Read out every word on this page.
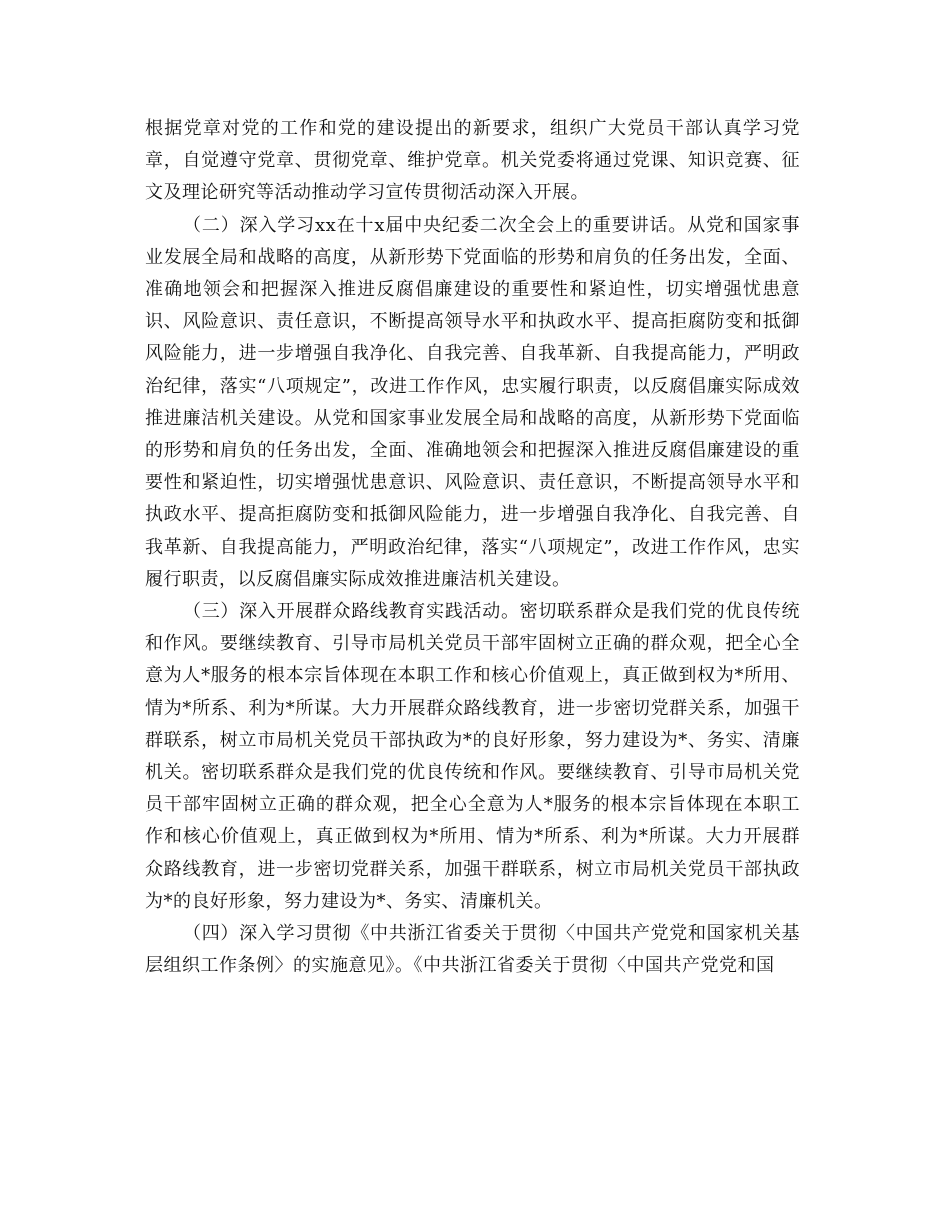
根据党章对党的工作和党的建设提出的新要求，组织广大党员干部认真学习党章，自觉遵守党章、贯彻党章、维护党章。机关党委将通过党课、知识竞赛、征文及理论研究等活动推动学习宣传贯彻活动深入开展。

（二）深入学习xx在十x届中央纪委二次全会上的重要讲话。从党和国家事业发展全局和战略的高度，从新形势下党面临的形势和肩负的任务出发，全面、准确地领会和把握深入推进反腐倡廉建设的重要性和紧迫性，切实增强忧患意识、风险意识、责任意识，不断提高领导水平和执政水平、提高拒腐防变和抵御风险能力，进一步增强自我净化、自我完善、自我革新、自我提高能力，严明政治纪律，落实“八项规定”，改进工作作风，忠实履行职责，以反腐倡廉实际成效推进廉洁机关建设。从党和国家事业发展全局和战略的高度，从新形势下党面临的形势和肩负的任务出发，全面、准确地领会和把握深入推进反腐倡廉建设的重要性和紧迫性，切实增强忧患意识、风险意识、责任意识，不断提高领导水平和执政水平、提高拒腐防变和抵御风险能力，进一步增强自我净化、自我完善、自我革新、自我提高能力，严明政治纪律，落实“八项规定”，改进工作作风，忠实履行职责，以反腐倡廉实际成效推进廉洁机关建设。

（三）深入开展群众路线教育实践活动。密切联系群众是我们党的优良传统和作风。要继续教育、引导市局机关党员干部牢固树立正确的群众观，把全心全意为人*服务的根本宗旨体现在本职工作和核心价值观上，真正做到权为*所用、情为*所系、利为*所谋。大力开展群众路线教育，进一步密切党群关系，加强干群联系，树立市局机关党员干部执政为*的良好形象，努力建设为*、务实、清廉机关。密切联系群众是我们党的优良传统和作风。要继续教育、引导市局机关党员干部牢固树立正确的群众观，把全心全意为人*服务的根本宗旨体现在本职工作和核心价值观上，真正做到权为*所用、情为*所系、利为*所谋。大力开展群众路线教育，进一步密切党群关系，加强干群联系，树立市局机关党员干部执政为*的良好形象，努力建设为*、务实、清廉机关。

（四）深入学习贯彻《中共浙江省委关于贯彻〈中国共产党党和国家机关基层组织工作条例〉的实施意见》。《中共浙江省委关于贯彻〈中国共产党党和国
